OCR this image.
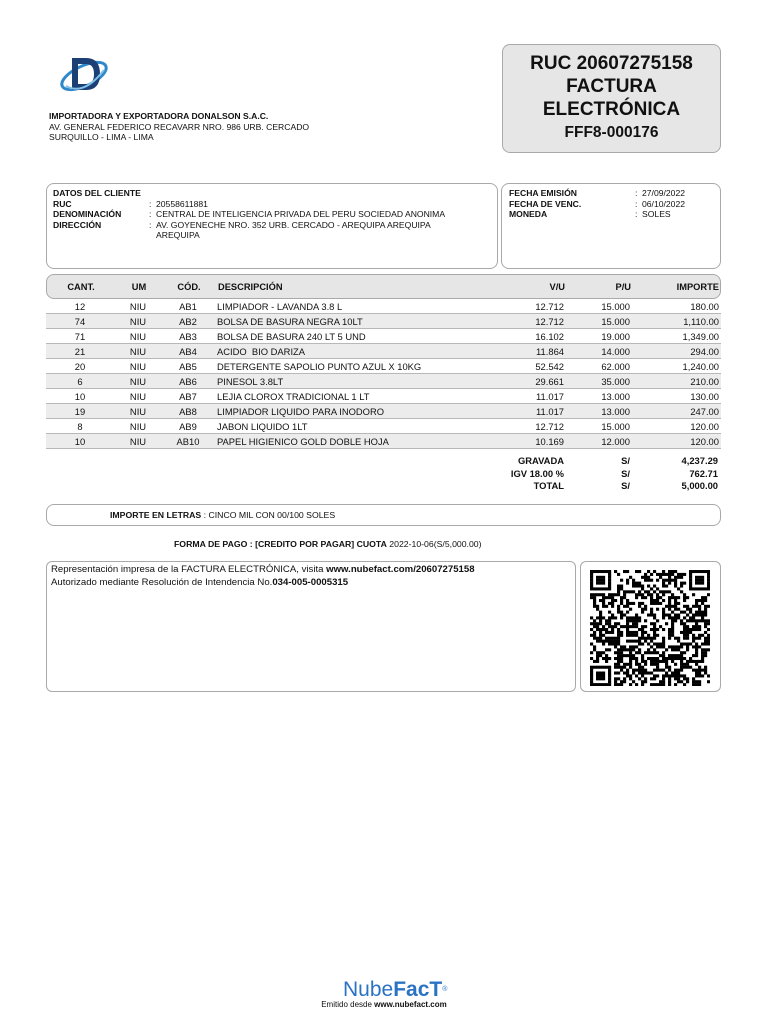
IMPORTADORA Y EXPORTADORA DONALSON S.A.C.
AV. GENERAL FEDERICO RECAVARR NRO. 986 URB. CERCADO
SURQUILLO - LIMA - LIMA
RUC 20607275158
FACTURA
ELECTRÓNICA
FFF8-000176
DATOS DEL CLIENTE
RUC	: 20558611881
DENOMINACIÓN	: CENTRAL DE INTELIGENCIA PRIVADA DEL PERU SOCIEDAD ANONIMA
DIRECCIÓN	: AV. GOYENECHE NRO. 352 URB. CERCADO - AREQUIPA AREQUIPA AREQUIPA
FECHA EMISIÓN	: 27/09/2022
FECHA DE VENC.	: 06/10/2022
MONEDA	: SOLES
CANT.	UM	CÓD.	DESCRIPCIÓN	V/U	P/U	IMPORTE
12	NIU	AB1	LIMPIADOR - LAVANDA 3.8 L	12.712	15.000	180.00
74	NIU	AB2	BOLSA DE BASURA NEGRA 10LT	12.712	15.000	1,110.00
71	NIU	AB3	BOLSA DE BASURA 240 LT 5 UND	16.102	19.000	1,349.00
21	NIU	AB4	ACIDO  BIO DARIZA	11.864	14.000	294.00
20	NIU	AB5	DETERGENTE SAPOLIO PUNTO AZUL X 10KG	52.542	62.000	1,240.00
6	NIU	AB6	PINESOL 3.8LT	29.661	35.000	210.00
10	NIU	AB7	LEJIA CLOROX TRADICIONAL 1 LT	11.017	13.000	130.00
19	NIU	AB8	LIMPIADOR LIQUIDO PARA INODORO	11.017	13.000	247.00
8	NIU	AB9	JABON LIQUIDO 1LT	12.712	15.000	120.00
10	NIU	AB10	PAPEL HIGIENICO GOLD DOBLE HOJA	10.169	12.000	120.00
GRAVADA	S/	4,237.29
IGV 18.00 %	S/	762.71
TOTAL	S/	5,000.00
IMPORTE EN LETRAS : CINCO MIL CON 00/100 SOLES
FORMA DE PAGO : [CREDITO POR PAGAR] CUOTA 2022-10-06(S/5,000.00)
Representación impresa de la FACTURA ELECTRÓNICA, visita www.nubefact.com/20607275158
Autorizado mediante Resolución de Intendencia No.034-005-0005315
NubeFacT®
Emitido desde www.nubefact.com
